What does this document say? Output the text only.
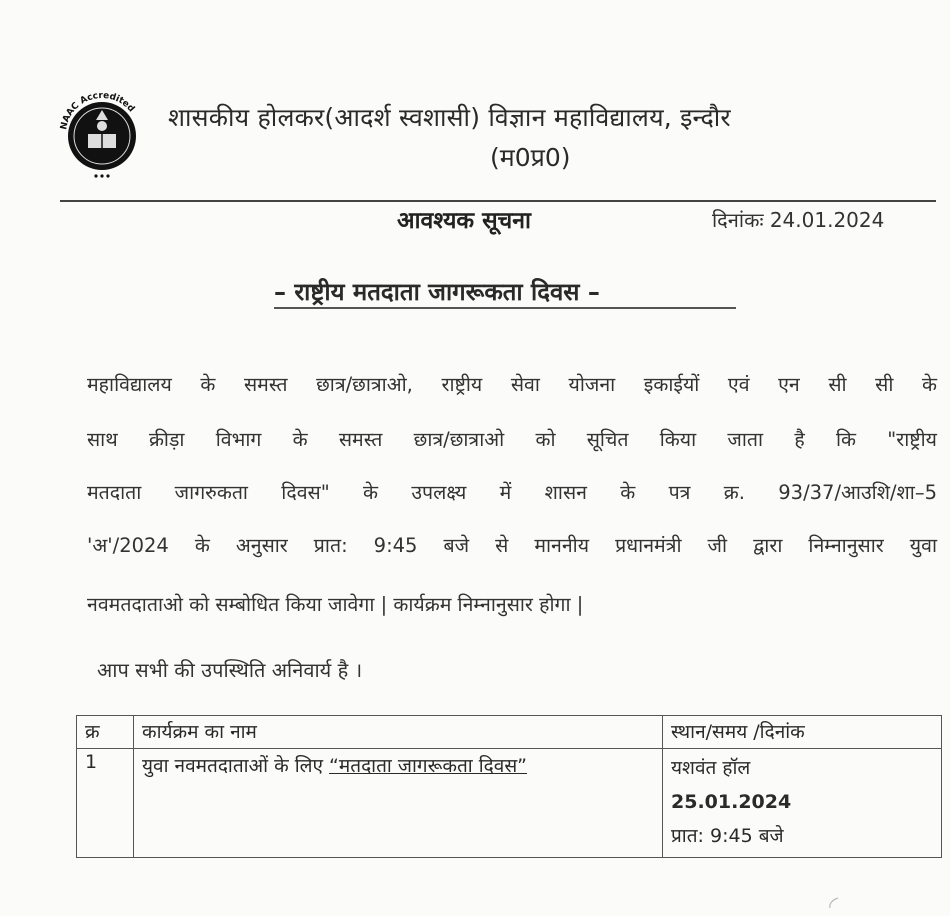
NAAC Accredited शासकीय होलकर(आदर्श स्वशासी) विज्ञान महाविद्यालय, इन्दौर
(म0प्र0)
आवश्यक सूचना	दिनांकः 24.01.2024
– राष्ट्रीय मतदाता जागरूकता दिवस –
महाविद्यालय के समस्त छात्र/छात्राओ, राष्ट्रीय सेवा योजना इकाईयों एवं एन सी सी के
साथ क्रीड़ा विभाग के समस्त छात्र/छात्राओ को सूचित किया जाता है कि "राष्ट्रीय
मतदाता जागरुकता दिवस" के उपलक्ष्य में शासन के पत्र क्र. 93/37/आउशि/शा–5
'अ'/2024 के अनुसार प्रात: 9:45 बजे से माननीय प्रधानमंत्री जी द्वारा निम्नानुसार युवा
नवमतदाताओ को सम्बोधित किया जावेगा | कार्यक्रम निम्नानुसार होगा |
आप सभी की उपस्थिति अनिवार्य है ।
क्र	कार्यक्रम का नाम	स्थान/समय /दिनांक
1	युवा नवमतदाताओं के लिए “मतदाता जागरूकता दिवस”	यशवंत हॉल
25.01.2024
प्रात: 9:45 बजे
